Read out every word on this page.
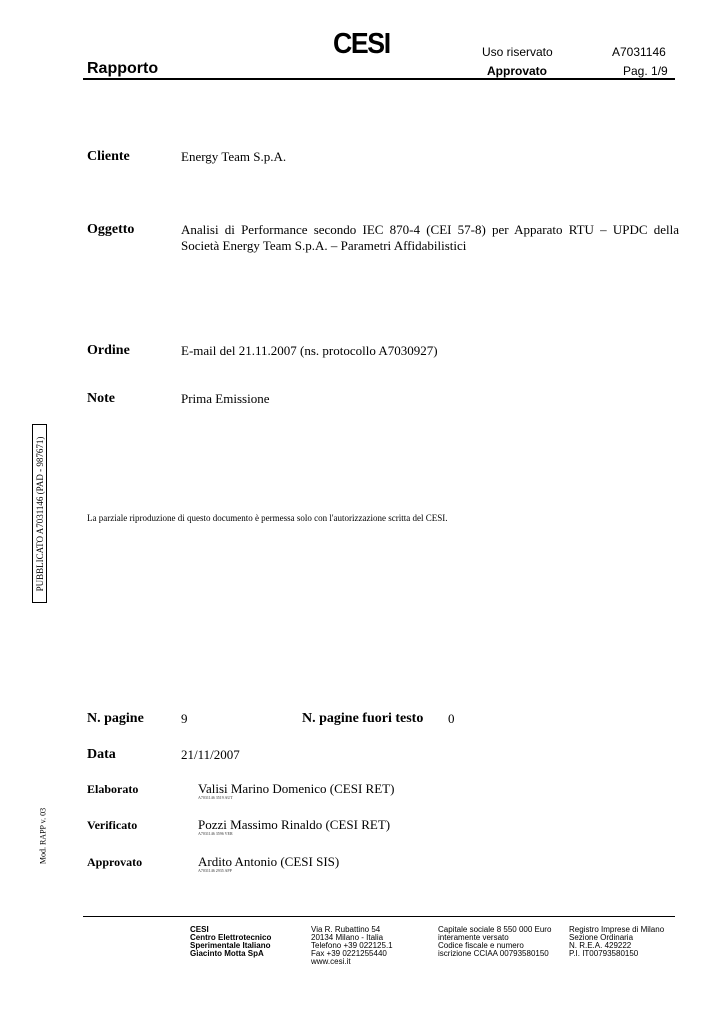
CESI
Rapporto
Uso riservato	A7031146
Approvato	Pag. 1/9
Cliente	Energy Team S.p.A.
Oggetto	Analisi di Performance secondo IEC 870-4 (CEI 57-8) per Apparato RTU – UPDC della Società Energy Team S.p.A. – Parametri Affidabilistici
Ordine	E-mail del 21.11.2007 (ns. protocollo A7030927)
Note	Prima Emissione
La parziale riproduzione di questo documento è permessa solo con l'autorizzazione scritta del CESI.
PUBBLICATO A7031146 (PAD - 987671)
Mod. RAPP v. 03
N. pagine	9	N. pagine fuori testo 0
Data	21/11/2007
Elaborato	Valisi Marino Domenico (CESI RET)
A7031146 3519 AUT
Verificato	Pozzi Massimo Rinaldo (CESI RET)
A7031146 3596 VER
Approvato	Ardito Antonio (CESI SIS)
A7031146 2935 APP
CESI
Centro Elettrotecnico
Sperimentale Italiano
Giacinto Motta SpA
Via R. Rubattino 54
20134 Milano - Italia
Telefono +39 022125.1
Fax +39 0221255440
www.cesi.it
Capitale sociale 8 550 000 Euro
interamente versato
Codice fiscale e numero
iscrizione CCIAA 00793580150
Registro Imprese di Milano
Sezione Ordinaria
N. R.E.A. 429222
P.I. IT00793580150
